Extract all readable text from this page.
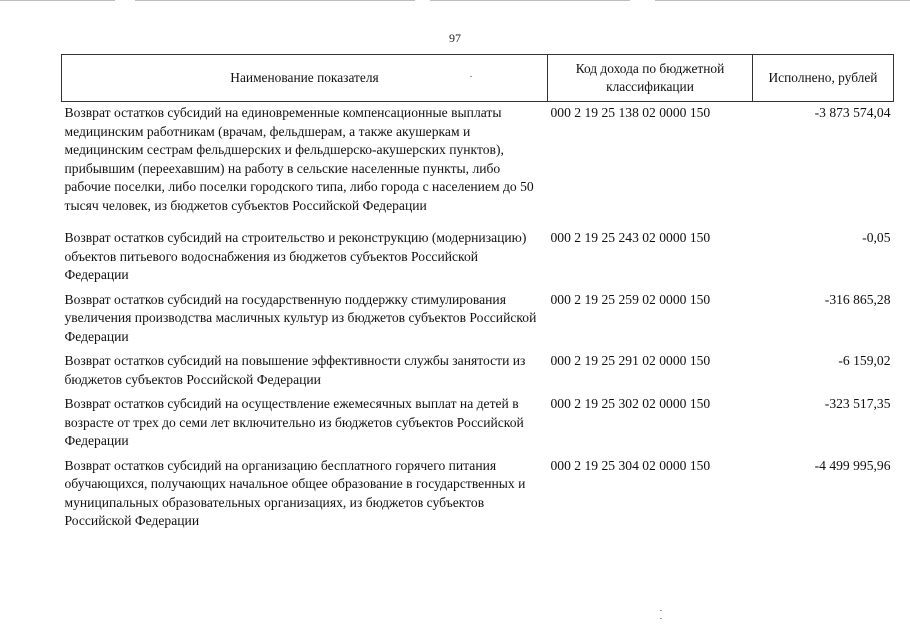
97
Наименование показателя	Код дохода по бюджетной классификации	Исполнено, рублей
Возврат остатков субсидий на единовременные компенсационные выплаты медицинским работникам (врачам, фельдшерам, а также акушеркам и медицинским сестрам фельдшерских и фельдшерско-акушерских пунктов), прибывшим (переехавшим) на работу в сельские населенные пункты, либо рабочие поселки, либо поселки городского типа, либо города с населением до 50 тысяч человек, из бюджетов субъектов Российской Федерации	000 2 19 25 138 02 0000 150	-3 873 574,04
Возврат остатков субсидий на строительство и реконструкцию (модернизацию) объектов питьевого водоснабжения из бюджетов субъектов Российской Федерации	000 2 19 25 243 02 0000 150	-0,05
Возврат остатков субсидий на государственную поддержку стимулирования увеличения производства масличных культур из бюджетов субъектов Российской Федерации	000 2 19 25 259 02 0000 150	-316 865,28
Возврат остатков субсидий на повышение эффективности службы занятости из бюджетов субъектов Российской Федерации	000 2 19 25 291 02 0000 150	-6 159,02
Возврат остатков субсидий на осуществление ежемесячных выплат на детей в возрасте от трех до семи лет включительно из бюджетов субъектов Российской Федерации	000 2 19 25 302 02 0000 150	-323 517,35
Возврат остатков субсидий на организацию бесплатного горячего питания обучающихся, получающих начальное общее образование в государственных и муниципальных образовательных организациях, из бюджетов субъектов Российской Федерации	000 2 19 25 304 02 0000 150	-4 499 995,96
